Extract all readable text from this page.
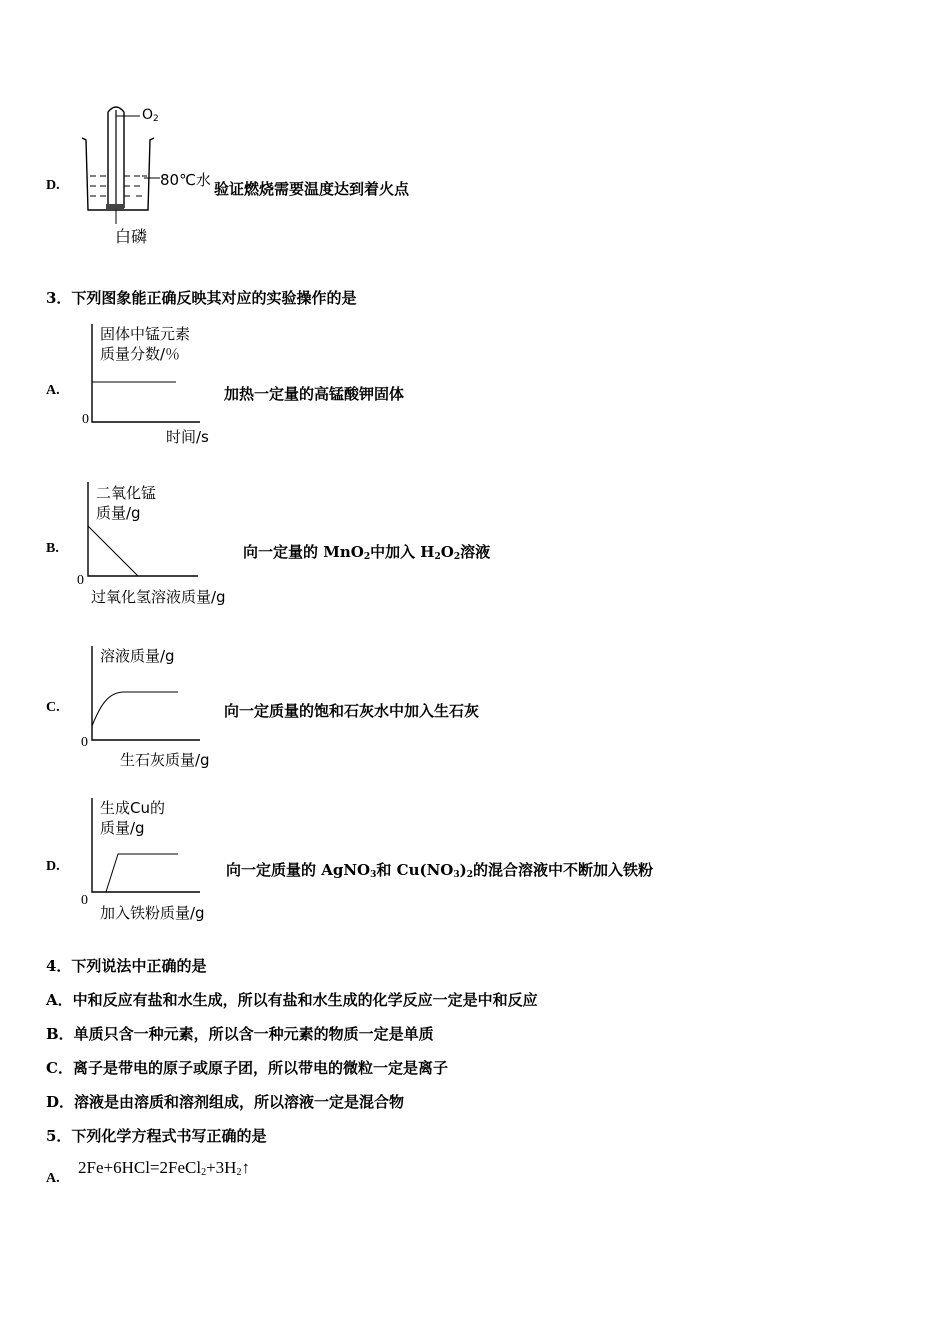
D.
$O_2$
80℃水
白磷
验证燃烧需要温度达到着火点
3．下列图象能正确反映其对应的实验操作的是
A.
固体中锰元素
质量分数/％
0
时间/s
加热一定量的高锰酸钾固体
B.
二氧化锰
质量/g
0
过氧化氢溶液质量/g
向一定量的 MnO$_2$中加入 $H_2O_2$溶液
C.
溶液质量/g
0
生石灰质量/g
向一定质量的饱和石灰水中加入生石灰
D.
生成Cu的
质量/g
0
加入铁粉质量/g
向一定质量的 AgNO$_3$和 $Cu(NO_3)_2$的混合溶液中不断加入铁粉
4．下列说法中正确的是
A．中和反应有盐和水生成，所以有盐和水生成的化学反应一定是中和反应
B．单质只含一种元素，所以含一种元素的物质一定是单质
C．离子是带电的原子或原子团，所以带电的微粒一定是离子
D．溶液是由溶质和溶剂组成，所以溶液一定是混合物
5．下列化学方程式书写正确的是
A.
$2Fe+6HCl=2FeCl_2+3H_2↑$
